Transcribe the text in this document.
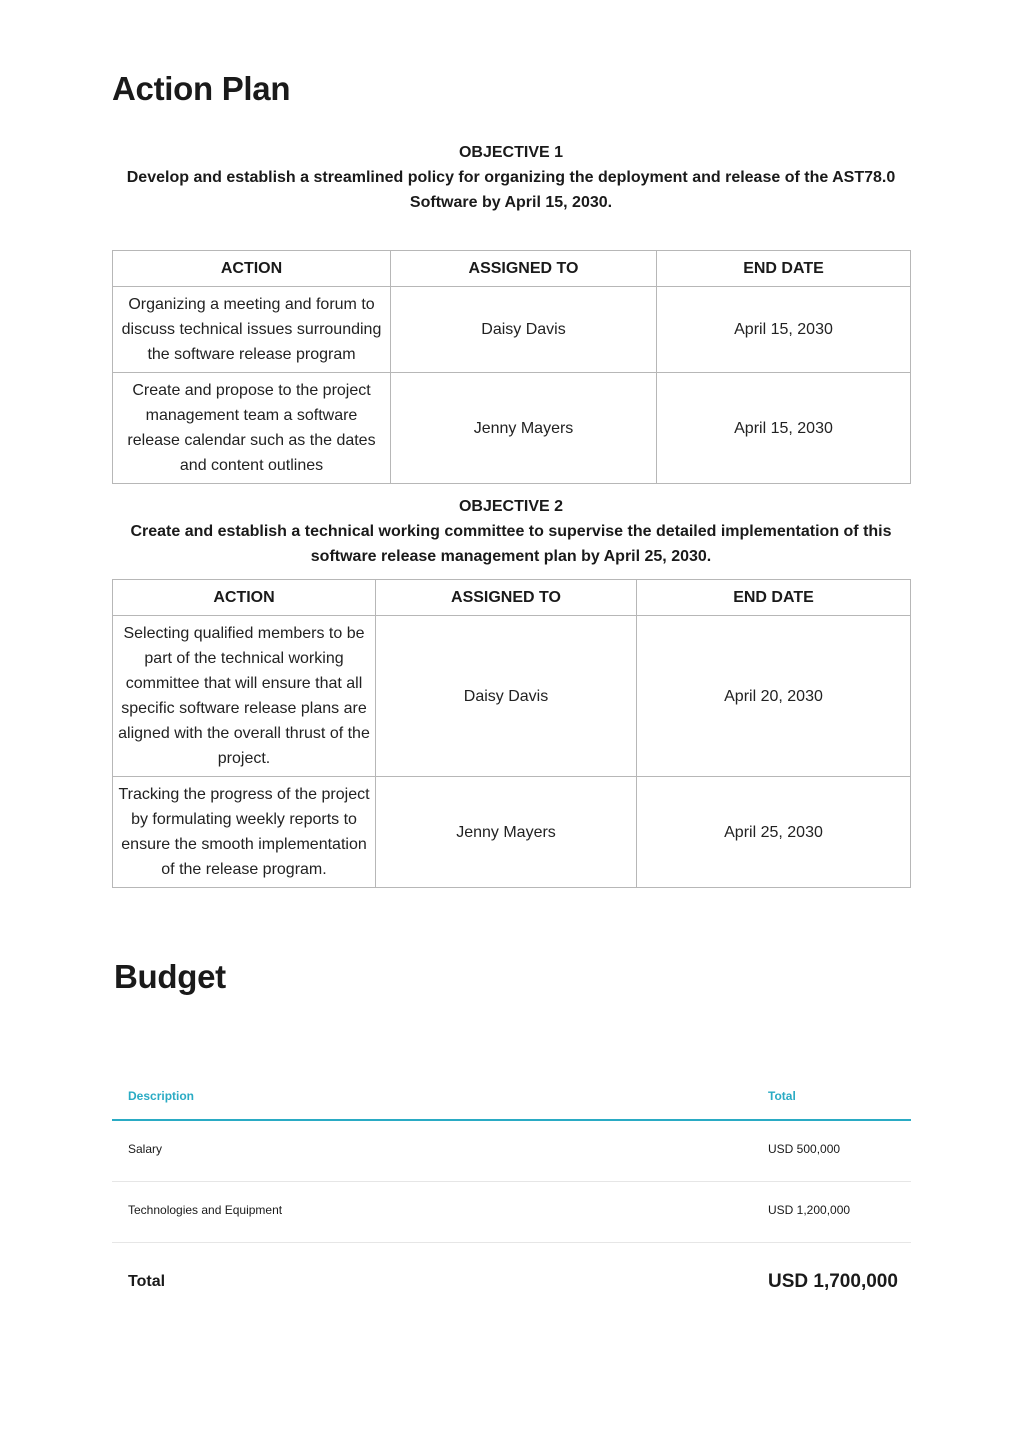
Action Plan
OBJECTIVE 1
Develop and establish a streamlined policy for organizing the deployment and release of the AST78.0 Software by April 15, 2030.
ACTION	ASSIGNED TO	END DATE
Organizing a meeting and forum to discuss technical issues surrounding the software release program	Daisy Davis	April 15, 2030
Create and propose to the project management team a software release calendar such as the dates and content outlines	Jenny Mayers	April 15, 2030
OBJECTIVE 2
Create and establish a technical working committee to supervise the detailed implementation of this software release management plan by April 25, 2030.
ACTION	ASSIGNED TO	END DATE
Selecting qualified members to be part of the technical working committee that will ensure that all specific software release plans are aligned with the overall thrust of the project.	Daisy Davis	April 20, 2030
Tracking the progress of the project by formulating weekly reports to ensure the smooth implementation of the release program.	Jenny Mayers	April 25, 2030
Budget
Description	Total
Salary	USD 500,000
Technologies and Equipment	USD 1,200,000
Total	USD 1,700,000
